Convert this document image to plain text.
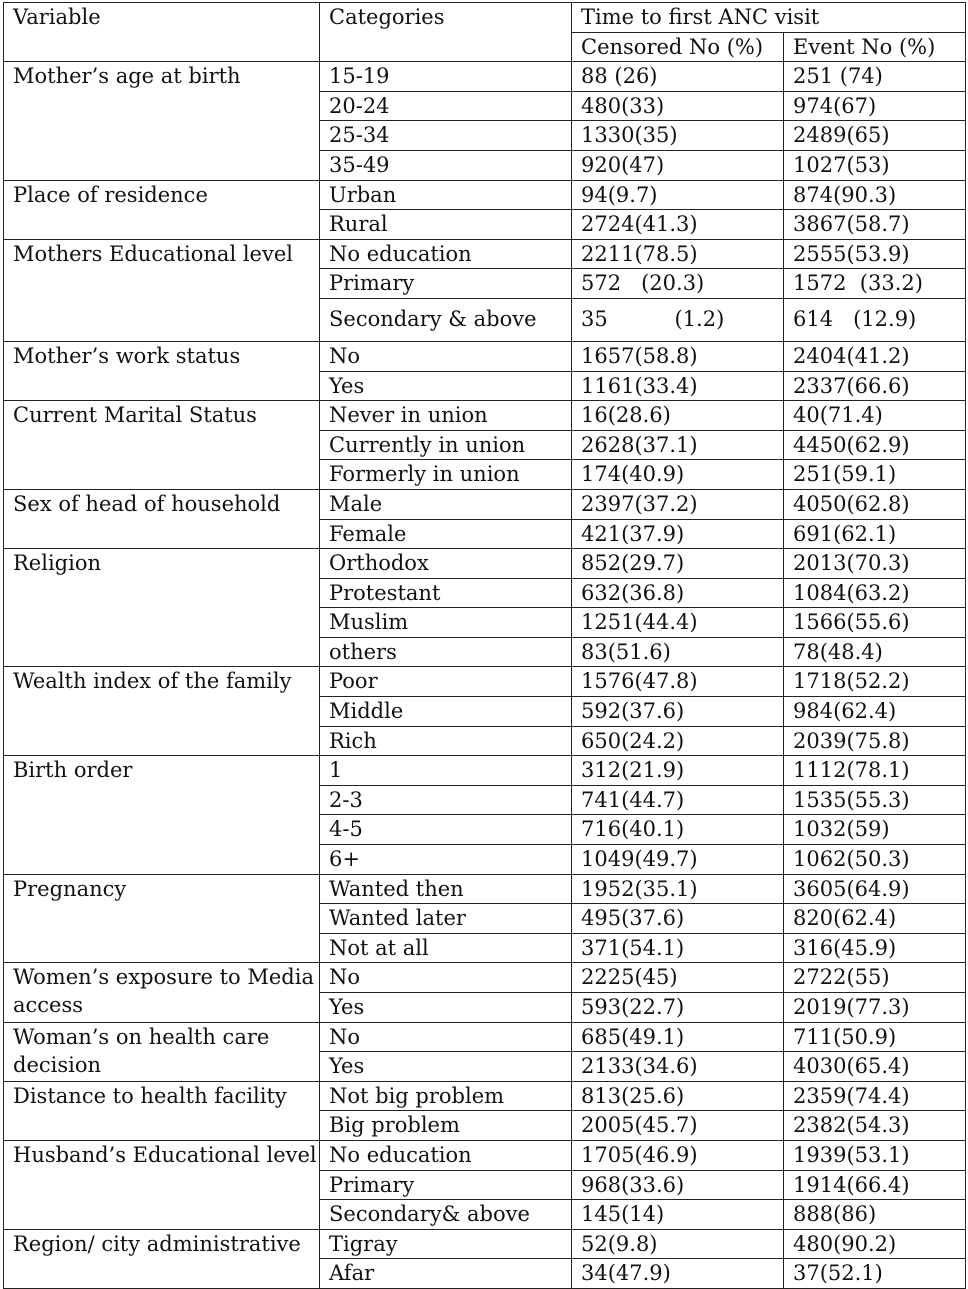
Variable	Categories	Time to first ANC visit	
		Censored No (%)	Event No (%)
Mother’s age at birth	15-19	88 (26)	251 (74)
	20-24	480(33)	974(67)
	25-34	1330(35)	2489(65)
	35-49	920(47)	1027(53)
Place of residence	Urban	94(9.7)	874(90.3)
	Rural	2724(41.3)	3867(58.7)
Mothers Educational level	No education	2211(78.5)	2555(53.9)
	Primary	572   (20.3)	1572  (33.2)
	Secondary & above	35          (1.2)	614   (12.9)
Mother’s work status	No	1657(58.8)	2404(41.2)
	Yes	1161(33.4)	2337(66.6)
Current Marital Status	Never in union	16(28.6)	40(71.4)
	Currently in union	2628(37.1)	4450(62.9)
	Formerly in union	174(40.9)	251(59.1)
Sex of head of household	Male	2397(37.2)	4050(62.8)
	Female	421(37.9)	691(62.1)
Religion	Orthodox	852(29.7)	2013(70.3)
	Protestant	632(36.8)	1084(63.2)
	Muslim	1251(44.4)	1566(55.6)
	others	83(51.6)	78(48.4)
Wealth index of the family	Poor	1576(47.8)	1718(52.2)
	Middle	592(37.6)	984(62.4)
	Rich	650(24.2)	2039(75.8)
Birth order	1	312(21.9)	1112(78.1)
	2-3	741(44.7)	1535(55.3)
	4-5	716(40.1)	1032(59)
	6+	1049(49.7)	1062(50.3)
Pregnancy	Wanted then	1952(35.1)	3605(64.9)
	Wanted later	495(37.6)	820(62.4)
	Not at all	371(54.1)	316(45.9)
Women’s exposure to Media access	No	2225(45)	2722(55)
	Yes	593(22.7)	2019(77.3)
Woman’s on health care decision	No	685(49.1)	711(50.9)
	Yes	2133(34.6)	4030(65.4)
Distance to health facility	Not big problem	813(25.6)	2359(74.4)
	Big problem	2005(45.7)	2382(54.3)
Husband’s Educational level	No education	1705(46.9)	1939(53.1)
	Primary	968(33.6)	1914(66.4)
	Secondary& above	145(14)	888(86)
Region/ city administrative	Tigray	52(9.8)	480(90.2)
	Afar	34(47.9)	37(52.1)
